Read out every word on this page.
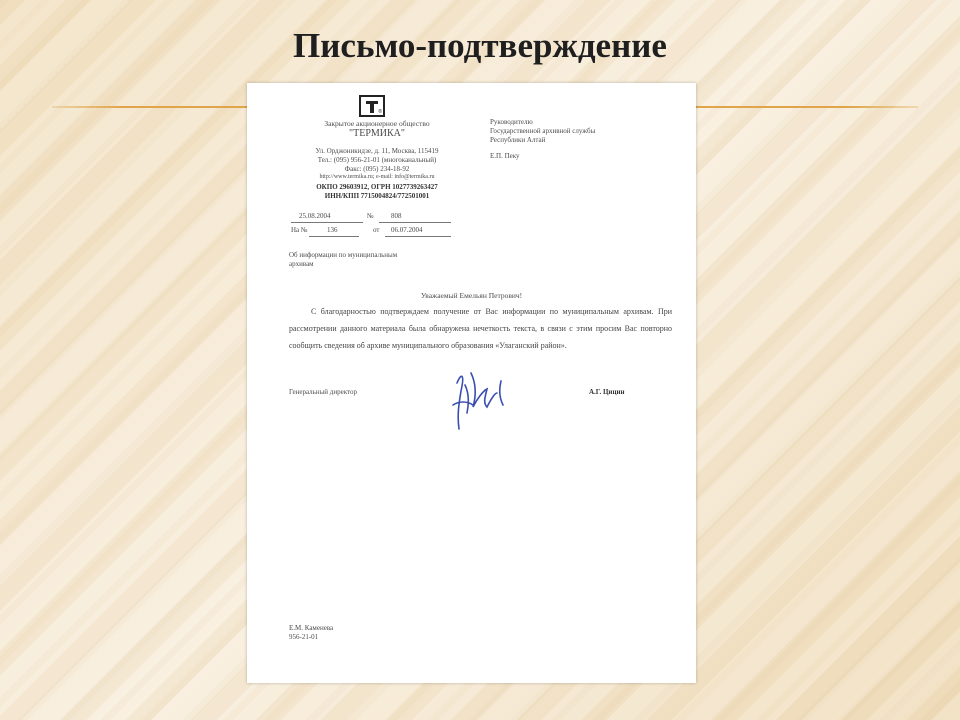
Письмо-подтверждение
®
Закрытое акционерное общество
"ТЕРМИКА"
Ул. Орджоникидзе, д. 11, Москва, 115419
Тел.: (095) 956-21-01 (многоканальный)
Факс: (095) 234-18-92
http://www.termika.ru; e-mail: info@termika.ru
ОКПО 29603912, ОГРН 1027739263427
ИНН/КПП 7715004824/772501001
25.08.2004	№ 808
На №	136	от 06.07.2004
Об информации по муниципальным
архивам
Руководителю
Государственной архивной службы
Республики Алтай
Е.П. Пеку
Уважаемый Емельян Петрович!
С благодарностью подтверждаем получение от Вас информации по муниципальным архивам. При рассмотрении данного материала была обнаружена нечеткость текста, в связи с этим просим Вас повторно сообщить сведения об архиве муниципального образования «Улаганский район».
Генеральный директор	А.Г. Цицин
Е.М. Каменева
956-21-01
